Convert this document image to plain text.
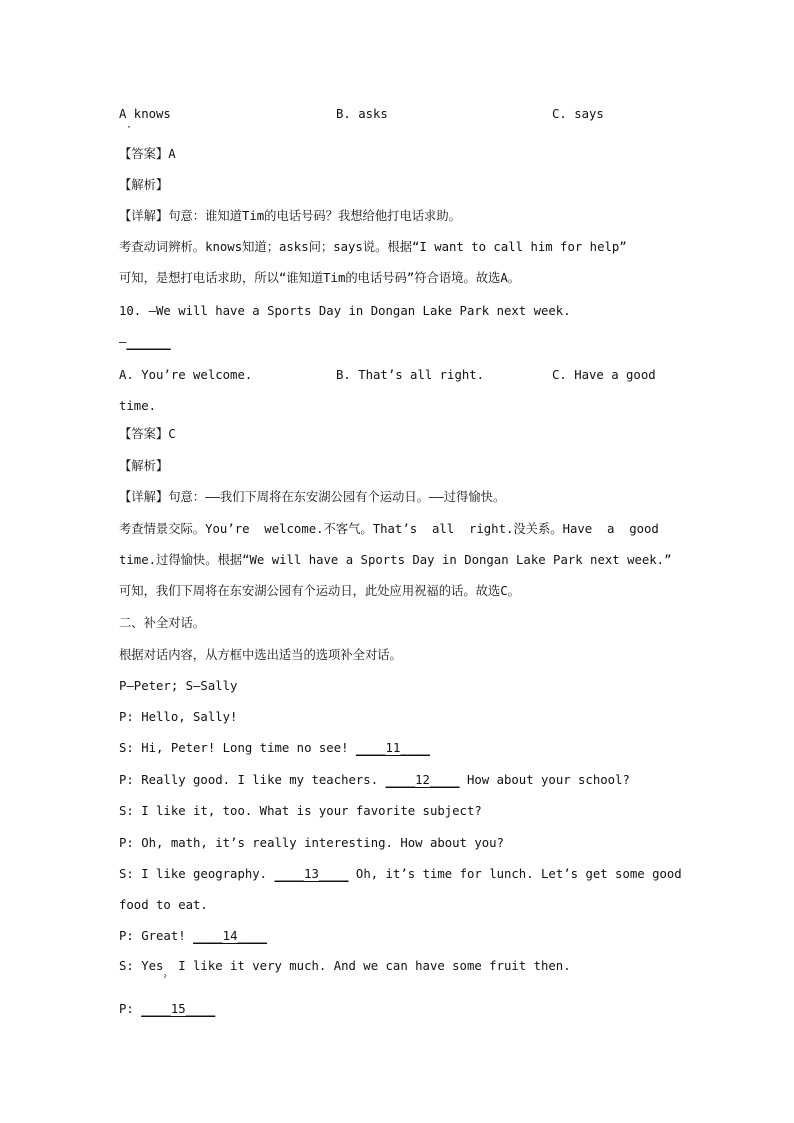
A knows
·
B. asks	C. says
【答案】A
【解析】
【详解】句意：谁知道Tim的电话号码？我想给他打电话求助。
考查动词辨析。knows知道；asks问；says说。根据“I want to call him for help”
可知，是想打电话求助，所以“谁知道Tim的电话号码”符合语境。故选A。
10. —We will have a Sports Day in Dongan Lake Park next week.
—______
A. You’re welcome.	B. That’s all right.	C. Have a good
time.
【答案】C
【解析】
【详解】句意：——我们下周将在东安湖公园有个运动日。——过得愉快。
考查情景交际。You’re  welcome.不客气。That’s  all  right.没关系。Have  a  good
time.过得愉快。根据“We will have a Sports Day in Dongan Lake Park next week.”
可知，我们下周将在东安湖公园有个运动日，此处应用祝福的话。故选C。
二、补全对话。
根据对话内容，从方框中选出适当的选项补全对话。
P—Peter; S—Sally
P: Hello, Sally!
S: Hi, Peter! Long time no see! ____11____
P: Really good. I like my teachers. ____12____ How about your school?
S: I like it, too. What is your favorite subject?
P: Oh, math, it’s really interesting. How about you?
S: I like geography. ____13____ Oh, it’s time for lunch. Let’s get some good
food to eat.
P: Great! ____14____
S: Yes  I like it very much. And we can have some fruit then.
ˀ
P: ____15____
